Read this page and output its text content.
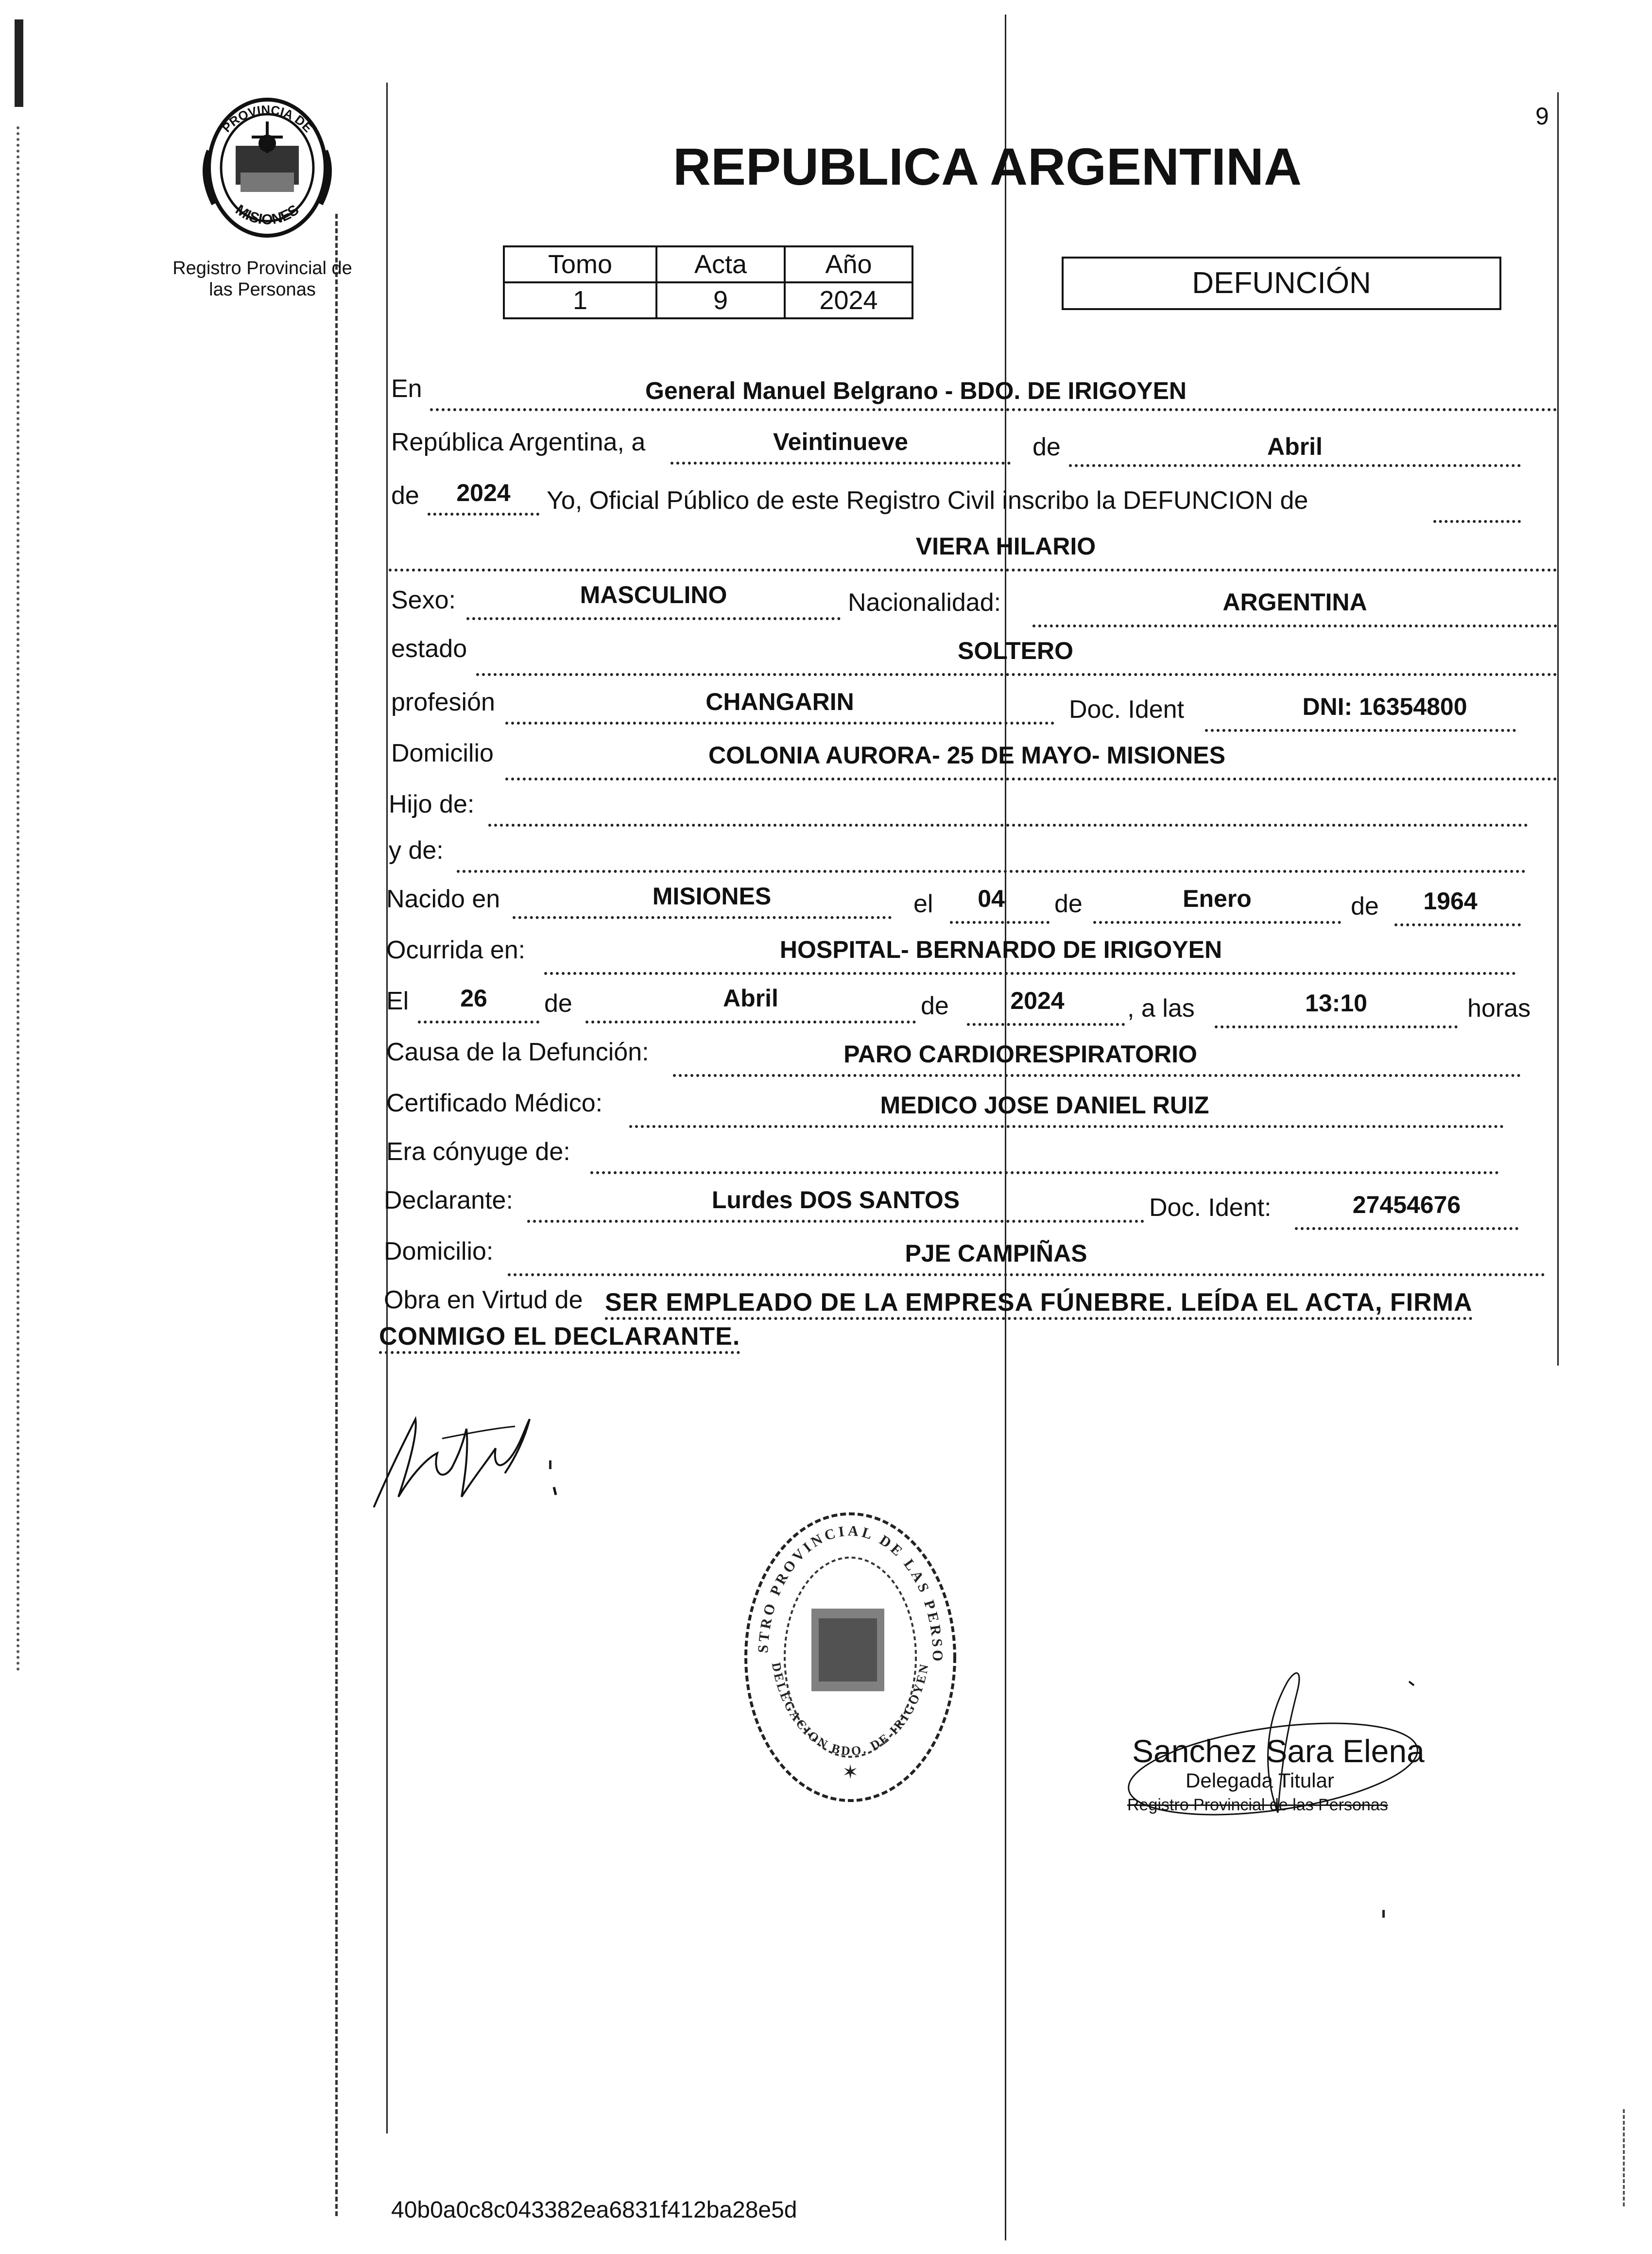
9
PROVINCIA DE
MISIONES
Registro Provincial de
las Personas
REPUBLICA ARGENTINA
Tomo	Acta	Año
1	9	2024
DEFUNCIÓN
En	General Manuel Belgrano - BDO. DE IRIGOYEN
República Argentina, a	Veintinueve	de	Abril
de	2024	Yo, Oficial Público de este Registro Civil inscribo la DEFUNCION de
VIERA HILARIO
Sexo:	MASCULINO	Nacionalidad:	ARGENTINA
estado	SOLTERO
profesión	CHANGARIN	Doc. Ident	DNI: 16354800
Domicilio	COLONIA AURORA- 25 DE MAYO- MISIONES
Hijo de:
y de:
Nacido en	MISIONES	el	04	de	Enero	de	1964
Ocurrida en:	HOSPITAL- BERNARDO DE IRIGOYEN
El	26	de	Abril	de	2024	, a las	13:10	horas
Causa de la Defunción:	PARO CARDIORESPIRATORIO
Certificado Médico:	MEDICO JOSE DANIEL RUIZ
Era cónyuge de:
Declarante:	Lurdes DOS SANTOS	Doc. Ident:	27454676
Domicilio:	PJE CAMPIÑAS
Obra en Virtud de SER EMPLEADO DE LA EMPRESA FÚNEBRE. LEÍDA EL ACTA, FIRMA
CONMIGO EL DECLARANTE.
STRO PROVINCIAL DE LAS PERSO
DELEGACION BDO. DE IRIGOYEN
✶
Sanchez Sara Elena
Delegada Titular
Registro Provincial de las Personas
40b0a0c8c043382ea6831f412ba28e5d
